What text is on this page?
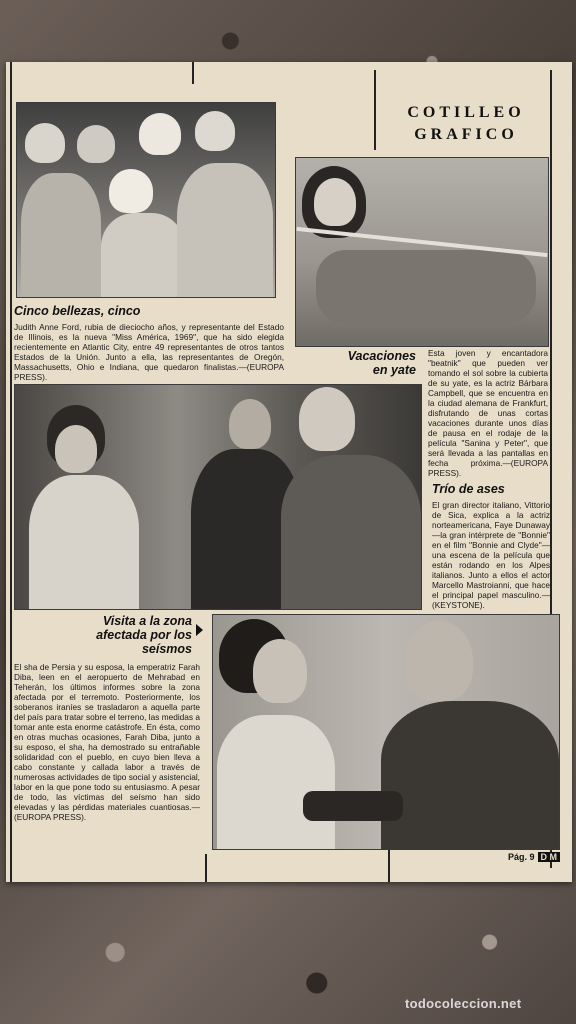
COTILLEO
GRAFICO
Cinco bellezas, cinco
Judith Anne Ford, rubia de dieciocho años, y representante del Estado de Illinois, es la nueva "Miss América, 1969", que ha sido elegida recientemente en Atlantic City, entre 49 representantes de otros tantos Estados de la Unión. Junto a ella, las representantes de Oregón, Massachusetts, Ohio e Indiana, que quedaron finalistas.—(EUROPA PRESS).
Vacaciones
en yate
Esta joven y encantadora "beatnik" que pueden ver tomando el sol sobre la cubierta de su yate, es la actriz Bárbara Campbell, que se encuentra en la ciudad alemana de Frankfurt, disfrutando de unas cortas vacaciones durante unos días de pausa en el rodaje de la película "Sanina y Peter", que será llevada a las pantallas en fecha próxima.—(EUROPA PRESS).
Trío de ases
El gran director italiano, Vittorio de Sica, explica a la actriz norteamericana, Faye Dunaway —la gran intérprete de "Bonnie" en el film "Bonnie and Clyde"— una escena de la película que están rodando en los Alpes italianos. Junto a ellos el actor Marcello Mastroianni, que hace el principal papel masculino.—(KEYSTONE).
Visita a la zona
afectada por los
seísmos
El sha de Persia y su esposa, la emperatriz Farah Diba, leen en el aeropuerto de Mehrabad en Teherán, los últimos informes sobre la zona afectada por el terremoto. Posteriormente, los soberanos iraníes se trasladaron a aquella parte del país para tratar sobre el terreno, las medidas a tomar ante esta enorme catástrofe. En ésta, como en otras muchas ocasiones, Farah Diba, junto a su esposo, el sha, ha demostrado su entrañable solidaridad con el pueblo, en cuyo bien lleva a cabo constante y callada labor a través de numerosas actividades de tipo social y asistencial, labor en la que pone todo su entusiasmo. A pesar de todo, las víctimas del seísmo han sido elevadas y las pérdidas materiales cuantiosas.—(EUROPA PRESS).
Pág. 9 D M
todocoleccion.net
